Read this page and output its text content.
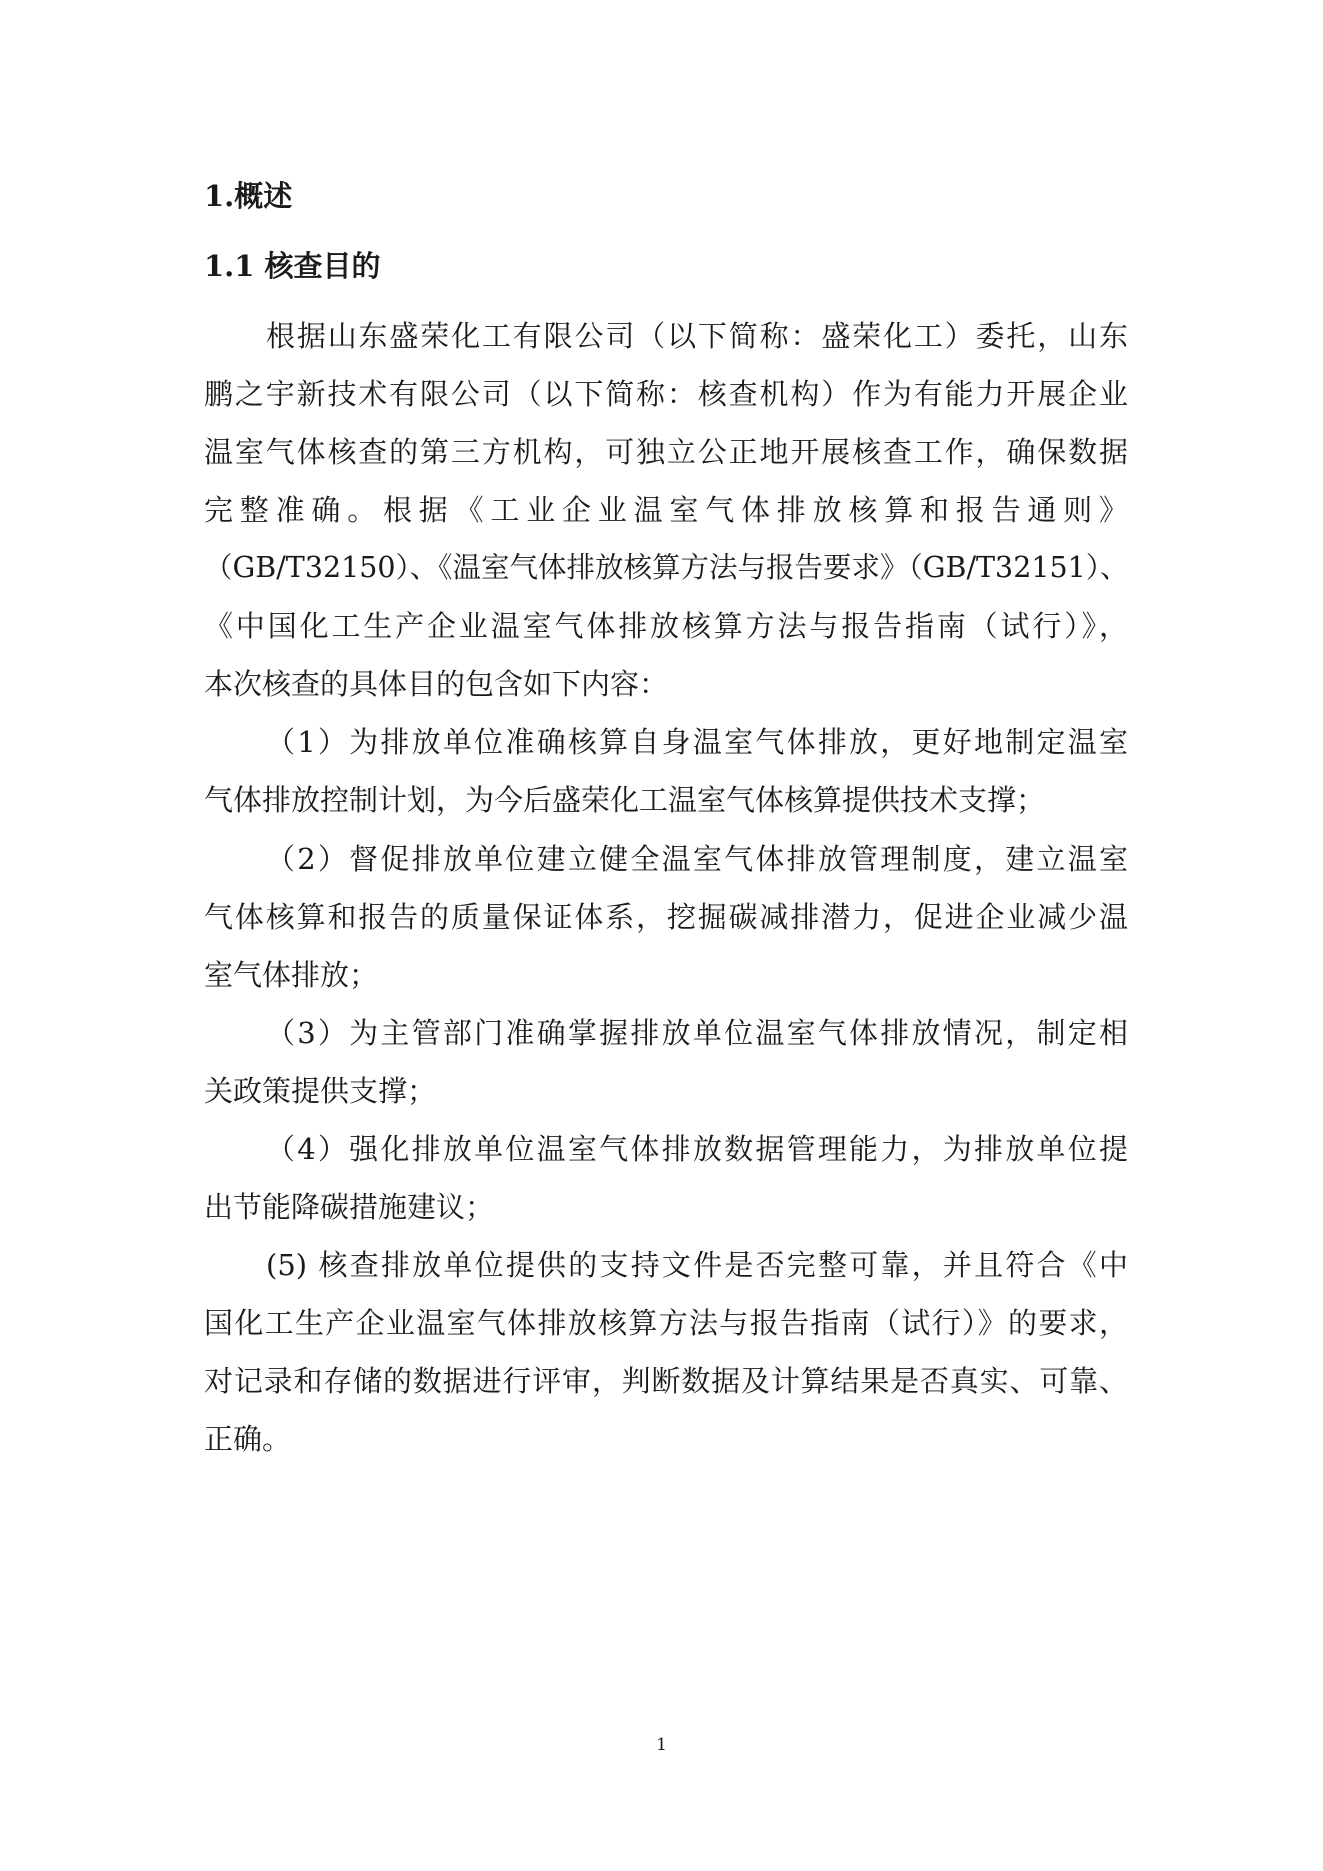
1.概述
1.1 核查目的

根据山东盛荣化工有限公司（以下简称：盛荣化工）委托，山东

鹏之宇新技术有限公司（以下简称：核查机构）作为有能力开展企业

温室气体核查的第三方机构，可独立公正地开展核查工作，确保数据

完整准确。根据《工业企业温室气体排放核算和报告通则》

（GB/T32150）、《温室气体排放核算方法与报告要求》（GB/T32151）、

《中国化工生产企业温室气体排放核算方法与报告指南（试行）》，

本次核查的具体目的包含如下内容：

（1）为排放单位准确核算自身温室气体排放，更好地制定温室

气体排放控制计划，为今后盛荣化工温室气体核算提供技术支撑；

（2）督促排放单位建立健全温室气体排放管理制度，建立温室

气体核算和报告的质量保证体系，挖掘碳减排潜力，促进企业减少温

室气体排放；

（3）为主管部门准确掌握排放单位温室气体排放情况，制定相

关政策提供支撑；

（4）强化排放单位温室气体排放数据管理能力，为排放单位提

出节能降碳措施建议；

(5) 核查排放单位提供的支持文件是否完整可靠，并且符合《中

国化工生产企业温室气体排放核算方法与报告指南（试行）》的要求，

对记录和存储的数据进行评审，判断数据及计算结果是否真实、可靠、

正确。

1
